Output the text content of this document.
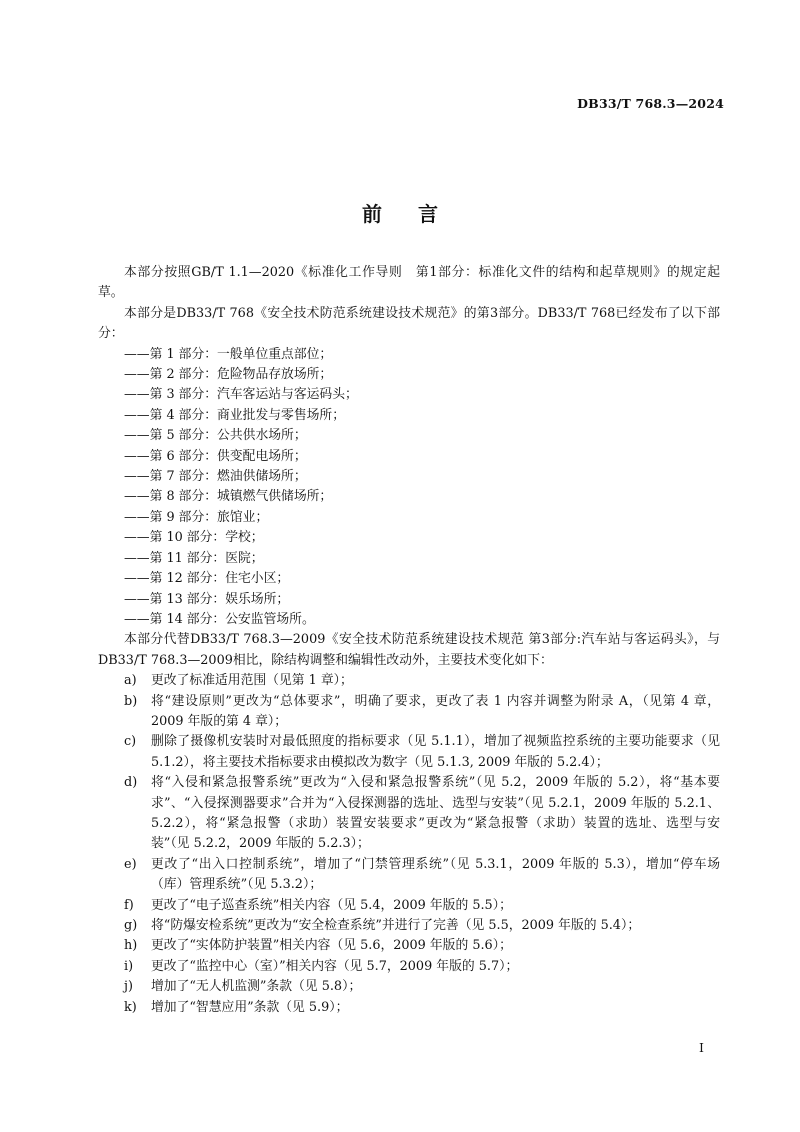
DB33/T 768.3—2024
前言

本部分按照GB/T 1.1—2020《标准化工作导则　第1部分：标准化文件的结构和起草规则》的规定起草。

本部分是DB33/T 768《安全技术防范系统建设技术规范》的第3部分。DB33/T 768已经发布了以下部分：

——第 1 部分：一般单位重点部位；

——第 2 部分：危险物品存放场所；

——第 3 部分：汽车客运站与客运码头；

——第 4 部分：商业批发与零售场所；

——第 5 部分：公共供水场所；

——第 6 部分：供变配电场所；

——第 7 部分：燃油供储场所；

——第 8 部分：城镇燃气供储场所；

——第 9 部分：旅馆业；

——第 10 部分：学校；

——第 11 部分：医院；

——第 12 部分：住宅小区；

——第 13 部分：娱乐场所；

——第 14 部分：公安监管场所。

本部分代替DB33/T 768.3—2009《安全技术防范系统建设技术规范 第3部分:汽车站与客运码头》，与DB33/T 768.3—2009相比，除结构调整和编辑性改动外，主要技术变化如下：

a)	更改了标准适用范围（见第 1 章）；
b)	将“建设原则”更改为“总体要求”，明确了要求，更改了表 1 内容并调整为附录 A，（见第 4 章，2009 年版的第 4 章）；
c)	删除了摄像机安装时对最低照度的指标要求（见 5.1.1），增加了视频监控系统的主要功能要求（见 5.1.2），将主要技术指标要求由模拟改为数字（见 5.1.3, 2009 年版的 5.2.4）；
d)	将“入侵和紧急报警系统”更改为“入侵和紧急报警系统”（见 5.2，2009 年版的 5.2），将“基本要求”、“入侵探测器要求”合并为“入侵探测器的选址、选型与安装”（见 5.2.1，2009 年版的 5.2.1、5.2.2），将“紧急报警（求助）装置安装要求”更改为“紧急报警（求助）装置的选址、选型与安装”（见 5.2.2，2009 年版的 5.2.3）；
e)	更改了“出入口控制系统”，增加了“门禁管理系统”（见 5.3.1，2009 年版的 5.3），增加“停车场（库）管理系统”（见 5.3.2）；
f)	更改了“电子巡查系统”相关内容（见 5.4，2009 年版的 5.5）；
g)	将“防爆安检系统”更改为“安全检查系统”并进行了完善（见 5.5，2009 年版的 5.4）；
h)	更改了“实体防护装置”相关内容（见 5.6，2009 年版的 5.6）；
i)	更改了“监控中心（室）”相关内容（见 5.7，2009 年版的 5.7）；
j)	增加了“无人机监测”条款（见 5.8）；
k)	增加了“智慧应用”条款（见 5.9）；
I
